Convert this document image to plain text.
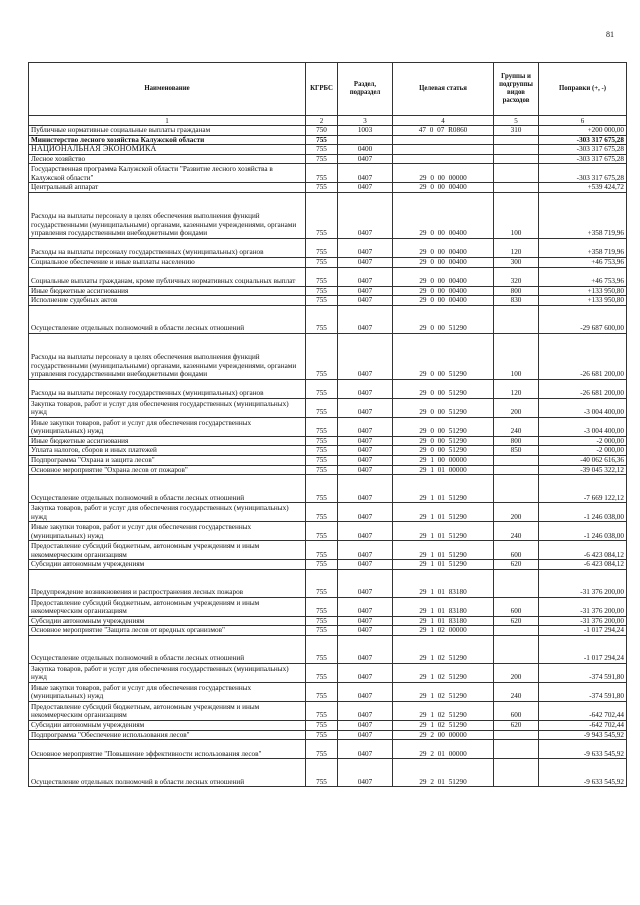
81
Наименование	КГРБС	Раздел, подраздел	Целевая статья	Группы и подгруппы видов расходов	Поправки (+, -)
1	2	3	4	5	6
Публичные нормативные социальные выплаты гражданам	750	1003	47 0 07 R0860	310	+200 000,00
Министерство лесного хозяйства Калужской области	755				-303 317 675,28
НАЦИОНАЛЬНАЯ ЭКОНОМИКА	755	0400			-303 317 675,28
Лесное хозяйство	755	0407			-303 317 675,28
Государственная программа Калужской области "Развитие лесного хозяйства в Калужской области"	755	0407	29 0 00 00000		-303 317 675,28
Центральный аппарат	755	0407	29 0 00 00400		+539 424,72
Расходы на выплаты персоналу в целях обеспечения выполнения функций государственными (муниципальными) органами, казенными учреждениями, органами управления государственными внебюджетными фондами	755	0407	29 0 00 00400	100	+358 719,96
Расходы на выплаты персоналу государственных (муниципальных) органов	755	0407	29 0 00 00400	120	+358 719,96
Социальное обеспечение и иные выплаты населению	755	0407	29 0 00 00400	300	+46 753,96
Социальные выплаты гражданам, кроме публичных нормативных социальных выплат	755	0407	29 0 00 00400	320	+46 753,96
Иные бюджетные ассигнования	755	0407	29 0 00 00400	800	+133 950,80
Исполнение судебных актов	755	0407	29 0 00 00400	830	+133 950,80
Осуществление отдельных полномочий в области лесных отношений	755	0407	29 0 00 51290		-29 687 600,00
Расходы на выплаты персоналу в целях обеспечения выполнения функций государственными (муниципальными) органами, казенными учреждениями, органами управления государственными внебюджетными фондами	755	0407	29 0 00 51290	100	-26 681 200,00
Расходы на выплаты персоналу государственных (муниципальных) органов	755	0407	29 0 00 51290	120	-26 681 200,00
Закупка товаров, работ и услуг для обеспечения государственных (муниципальных) нужд	755	0407	29 0 00 51290	200	-3 004 400,00
Иные закупки товаров, работ и услуг для обеспечения государственных (муниципальных) нужд	755	0407	29 0 00 51290	240	-3 004 400,00
Иные бюджетные ассигнования	755	0407	29 0 00 51290	800	-2 000,00
Уплата налогов, сборов и иных платежей	755	0407	29 0 00 51290	850	-2 000,00
Подпрограмма "Охрана и защита лесов"	755	0407	29 1 00 00000		-40 062 616,36
Основное мероприятие "Охрана лесов от пожаров"	755	0407	29 1 01 00000		-39 045 322,12
Осуществление отдельных полномочий в области лесных отношений	755	0407	29 1 01 51290		-7 669 122,12
Закупка товаров, работ и услуг для обеспечения государственных (муниципальных) нужд	755	0407	29 1 01 51290	200	-1 246 038,00
Иные закупки товаров, работ и услуг для обеспечения государственных (муниципальных) нужд	755	0407	29 1 01 51290	240	-1 246 038,00
Предоставление субсидий бюджетным, автономным учреждениям и иным некоммерческим организациям	755	0407	29 1 01 51290	600	-6 423 084,12
Субсидии автономным учреждениям	755	0407	29 1 01 51290	620	-6 423 084,12
Предупреждение возникновения и распространения лесных пожаров	755	0407	29 1 01 83180		-31 376 200,00
Предоставление субсидий бюджетным, автономным учреждениям и иным некоммерческим организациям	755	0407	29 1 01 83180	600	-31 376 200,00
Субсидии автономным учреждениям	755	0407	29 1 01 83180	620	-31 376 200,00
Основное мероприятие "Защита лесов от вредных организмов"	755	0407	29 1 02 00000		-1 017 294,24
Осуществление отдельных полномочий в области лесных отношений	755	0407	29 1 02 51290		-1 017 294,24
Закупка товаров, работ и услуг для обеспечения государственных (муниципальных) нужд	755	0407	29 1 02 51290	200	-374 591,80
Иные закупки товаров, работ и услуг для обеспечения государственных (муниципальных) нужд	755	0407	29 1 02 51290	240	-374 591,80
Предоставление субсидий бюджетным, автономным учреждениям и иным некоммерческим организациям	755	0407	29 1 02 51290	600	-642 702,44
Субсидии автономным учреждениям	755	0407	29 1 02 51290	620	-642 702,44
Подпрограмма "Обеспечение использования лесов"	755	0407	29 2 00 00000		-9 943 545,92
Основное мероприятие "Повышение эффективности использования лесов"	755	0407	29 2 01 00000		-9 633 545,92
Осуществление отдельных полномочий в области лесных отношений	755	0407	29 2 01 51290		-9 633 545,92
